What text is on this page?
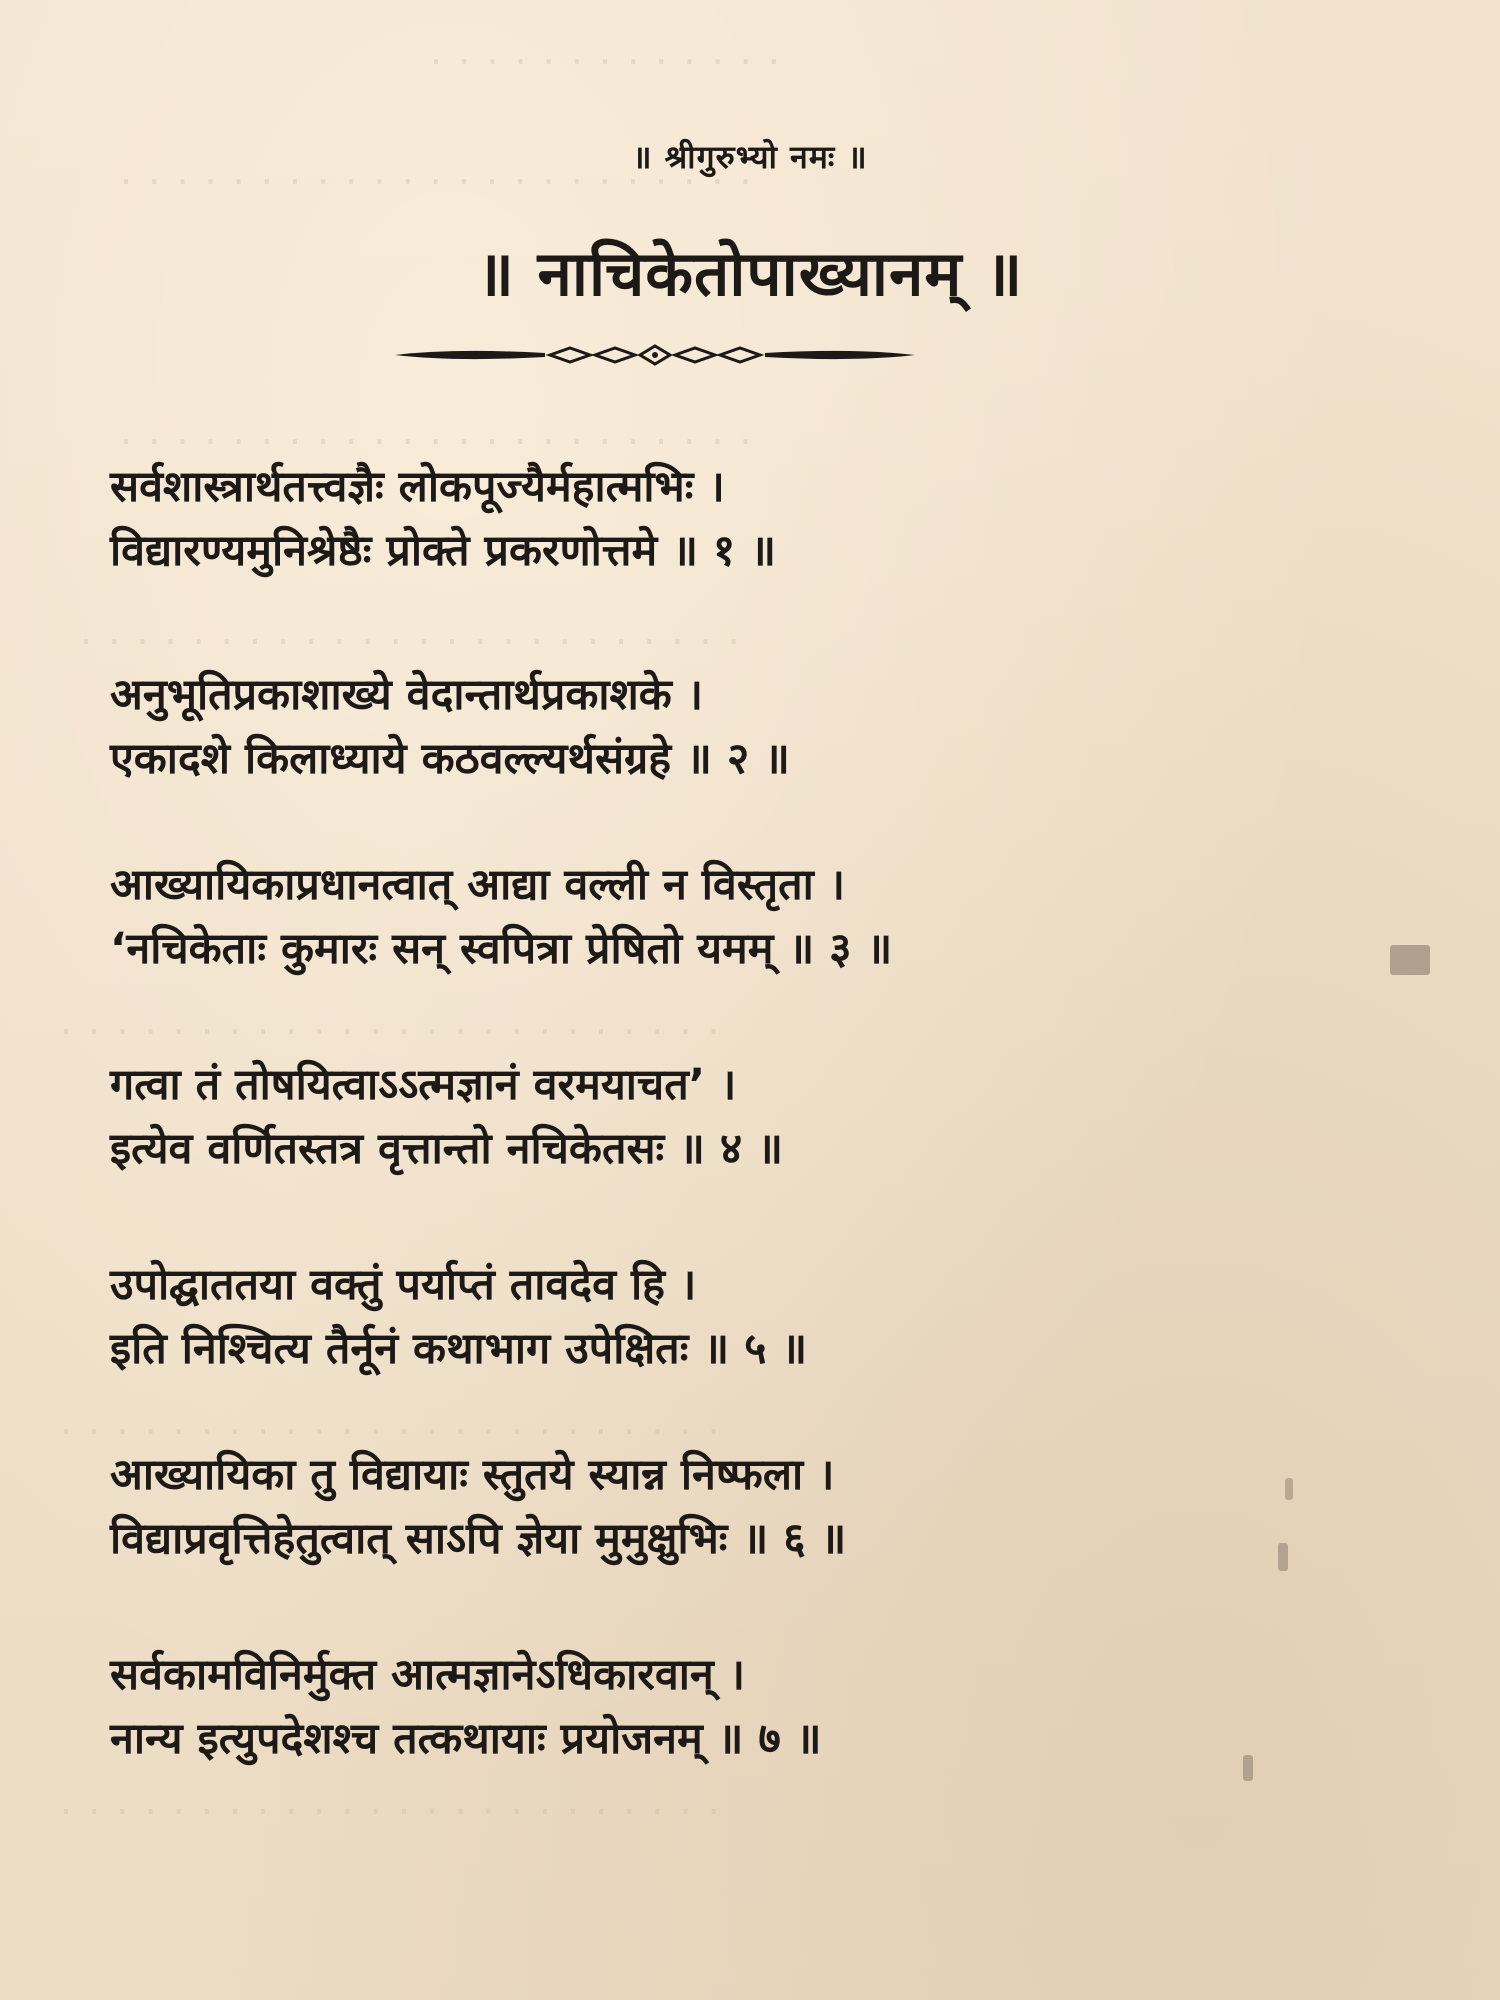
· · · · · · · · · · · · ·
· · · · · · · · · · · · · · · · · · · · · · ·
· · · · · · · · · · · · · · · · · · · · · · ·
· · · · · · · · · · · · · · · · · · · · · · · ·
· · · · · · · · · · · · · · · · · · · · · · · ·
· · · · · · · · · · · · · · · · · · · · · · · ·
· · · · · · · · · · · · · · · · · · · · · · · ·
॥ श्रीगुरुभ्यो नमः ॥
॥ नाचिकेतोपाख्यानम् ॥
सर्वशास्त्रार्थतत्त्वज्ञैः लोकपूज्यैर्महात्मभिः ।
विद्यारण्यमुनिश्रेष्ठैः प्रोक्ते प्रकरणोत्तमे ॥ १ ॥
अनुभूतिप्रकाशाख्ये वेदान्तार्थप्रकाशके ।
एकादशे किलाध्याये कठवल्ल्यर्थसंग्रहे ॥ २ ॥
आख्यायिकाप्रधानत्वात् आद्या वल्ली न विस्तृता ।
‘नचिकेताः कुमारः सन् स्वपित्रा प्रेषितो यमम् ॥ ३ ॥
गत्वा तं तोषयित्वाऽऽत्मज्ञानं वरमयाचत’ ।
इत्येव वर्णितस्तत्र वृत्तान्तो नचिकेतसः ॥ ४ ॥
उपोद्घाततया वक्तुं पर्याप्तं तावदेव हि ।
इति निश्चित्य तैर्नूनं कथाभाग उपेक्षितः ॥ ५ ॥
आख्यायिका तु विद्यायाः स्तुतये स्यान्न निष्फला ।
विद्याप्रवृत्तिहेतुत्वात् साऽपि ज्ञेया मुमुक्षुभिः ॥ ६ ॥
सर्वकामविनिर्मुक्त आत्मज्ञानेऽधिकारवान् ।
नान्य इत्युपदेशश्च तत्कथायाः प्रयोजनम् ॥ ७ ॥
